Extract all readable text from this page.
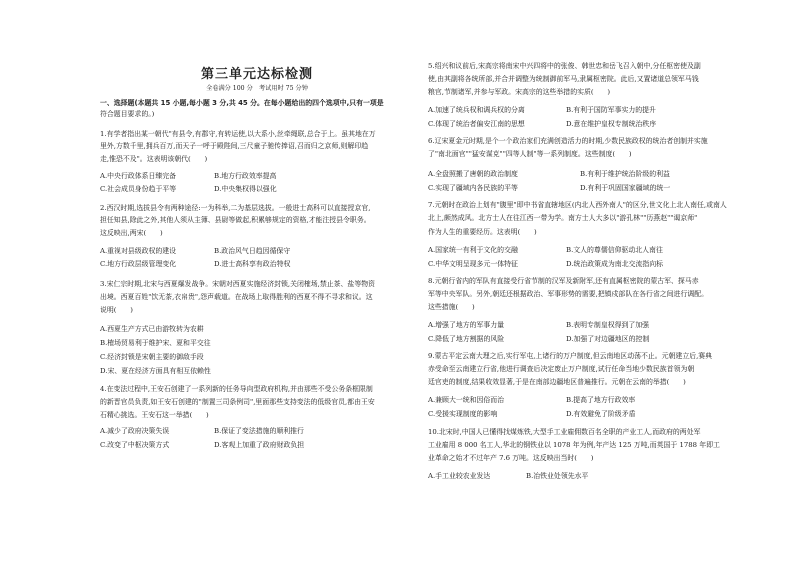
第三单元达标检测
全卷满分 100 分　考试用时 75 分钟
一、选择题(本题共 15 小题,每小题 3 分,共 45 分。在每小题给出的四个选项中,只有一项是
符合题目要求的。)
1.有学者指出某一朝代"有县令,有郡守,有转运使,以大系小,丝牵绳联,总合于上。虽其地在万
里外,方数千里,拥兵百万,而天子一呼于殿陛间,三尺童子驰传捧诏,召而归之京师,则解印趋
走,惟恐不及"。这表明该朝代(　　)
A.中央行政体系日臻完备	B.地方行政效率提高
C.社会成员身份趋于平等	D.中央集权得以强化
2.西汉时期,选拔县令有两种途径:一为科举,二为基层选拔。一般进士高科可以直接授京官,
担任知县,除此之外,其他人须从主簿、县尉等做起,积累够规定的资格,才能注授县令职务。
这反映出,两宋(　　)
A.重视对县级政权的建设	B.政治风气日趋因循保守
C.地方行政层级管理变化	D.进士高科享有政治特权
3.宋仁宗时期,北宋与西夏爆发战争。宋朝对西夏实施经济封锁,关闭榷场,禁止茶、盐等物资
出境。西夏百姓"饮无茶,衣帛贵",怨声载道。在战场上取得胜利的西夏不得不寻求和议。这
说明(　　)
A.西夏生产方式已由游牧转为农耕
B.榷场贸易利于维护宋、夏和平交往
C.经济封锁是宋朝主要的御敌手段
D.宋、夏在经济方面具有相互依赖性
4.在变法过程中,王安石创建了一系列新的任务导向型政府机构,并由那些不受公务条框限制
的新晋官员负责,如王安石创建的"制置三司条例司",里面那些支持变法的低级官员,都由王安
石精心挑选。王安石这一举措(　　)
A.减少了政府决策失误	B.保证了变法措施的顺利推行
C.改变了中枢决策方式	D.客观上加重了政府财政负担
5.绍兴和议前后,宋高宗将南宋中兴四将中的张俊、韩世忠和岳飞召入朝中,分任枢密使及副
使,由其副将各统所部,并合并调整为统制御前军马,隶属枢密院。此后,又置诸道总领军马钱
粮官,节制诸军,并参与军政。宋高宗的这些举措的实质(　　)
A.加速了统兵权和调兵权的分离	B.有利于国防军事实力的提升
C.体现了统治者偏安江南的思想	D.意在维护皇权专制统治秩序
6.辽宋夏金元时期,是个一个政治家们充满创造活力的时期,少数民族政权的统治者创制并实施
了"南北面官""猛安谋克""四等人制"等一系列制度。这些制度(　　)
A.全盘照搬了唐朝的政治制度	B.有利于维护统治阶级的利益
C.实现了疆域内各民族的平等	D.有利于巩固国家疆域的统一
7.元朝时在政治上划有"腹里"即中书省直辖地区(内北人西外南人"的区分,世文化上北人南任,或南人
北上,颇然成风。北方士人在往江西一带为学。南方士人大多以"游孔林""历燕赵""谒京师"
作为人生的重要经历。这表明(　　)
A.国家统一有利于文化的交融	B.文人的尊儒信仰驱动北人南往
C.中华文明呈现多元一体特征	D.统治政策成为南北交流指向标
8.元朝行省内的军队有直接受行省节制的汉军及新附军,还有直属枢密院的蒙古军、探马赤
军等中央军队。另外,朝廷还根据政治、军事形势的需要,把镇戍部队在各行省之间进行调配。
这些措施(　　)
A.增强了地方的军事力量	B.表明专制皇权得到了加强
C.降低了地方割据的风险	D.加强了对边疆地区的控制
9.蒙古平定云南大理之后,实行军屯,上诸行的万户制度,但云南地区动荡不止。元朝建立后,赛典
赤受命至云南建立行省,他进行调查后决定废止万户制度,试行任命当地少数民族首领为朝
廷官吏的制度,结果收效显著,于是在南部边疆地区普遍推行。元朝在云南的举措(　　)
A.兼顾大一统和因俗而治	B.提高了地方行政效率
C.受援实现制度的影响	D.有效避免了阶级矛盾
10.北宋时,中国人已懂得找煤炼铁,大型手工业雇佣数百名全职的产业工人,而政府的两处军
工业雇用 8 000 名工人,华北的钢铁业以 1078 年为例,年产达 125 万吨,而英国于 1788 年即工
业革命之始才不过年产 7.6 万吨。这反映出当时(　　)
A.手工业较农业发达	B.冶铁业处领先水平
